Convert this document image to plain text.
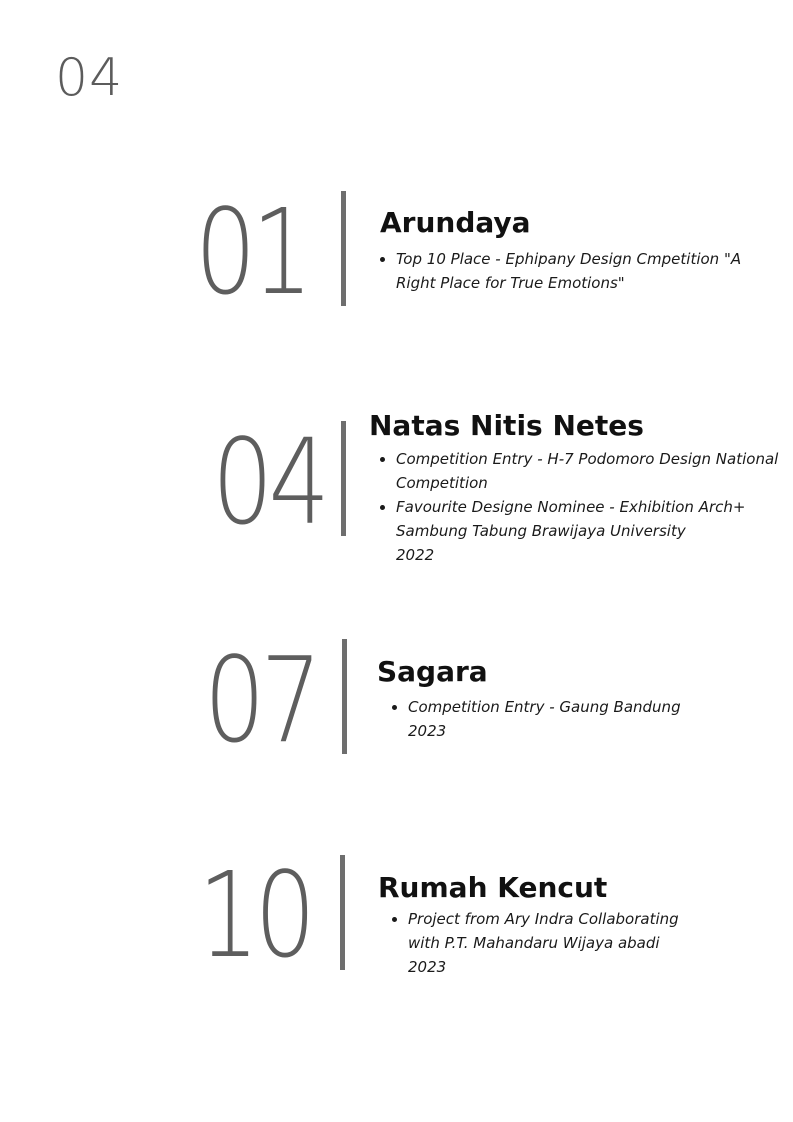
04
01	Arundaya
Top 10 Place - Ephipany Design Cmpetition "A
Right Place for True Emotions"
04 Natas Nitis Netes
Competition Entry - H-7 Podomoro Design National
Competition
Favourite Designe Nominee - Exhibition Arch+
Sambung Tabung Brawijaya University
2022
07 Sagara
Competition Entry - Gaung Bandung
2023
10 Rumah Kencut
Project from Ary Indra Collaborating
with P.T. Mahandaru Wijaya abadi
2023
